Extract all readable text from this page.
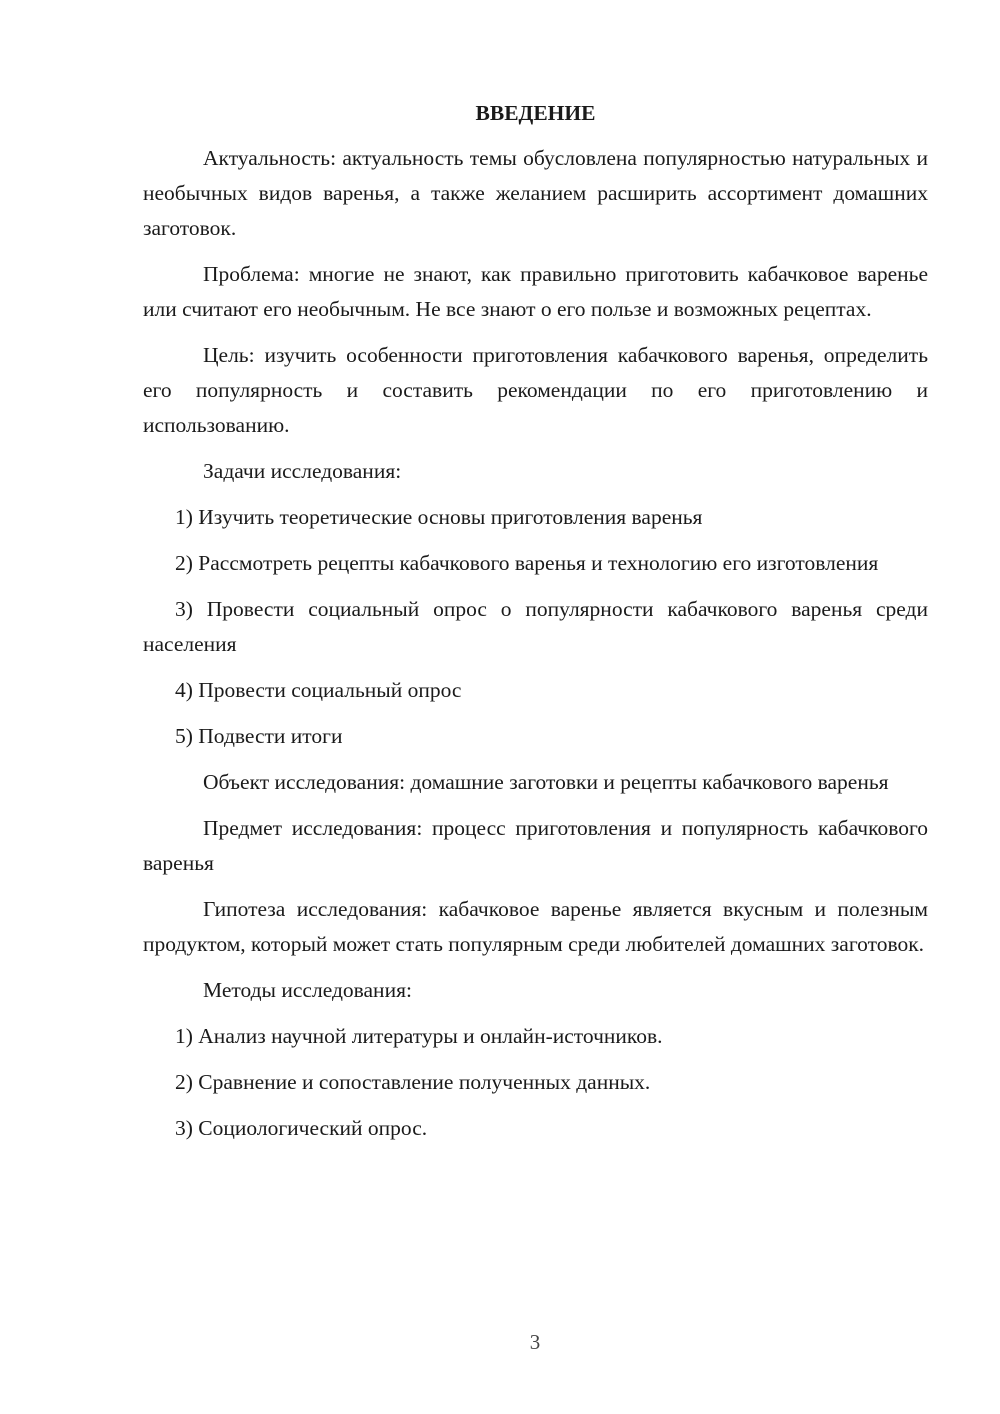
ВВЕДЕНИЕ

Актуальность: актуальность темы обусловлена популярностью натуральных и необычных видов варенья, а также желанием расширить ассортимент домашних заготовок.

Проблема: многие не знают, как правильно приготовить кабачковое варенье или считают его необычным. Не все знают о его пользе и возможных рецептах.

Цель: изучить особенности приготовления кабачкового варенья, определить его популярность и составить рекомендации по его приготовлению и использованию.

Задачи исследования:

1) Изучить теоретические основы приготовления варенья

2) Рассмотреть рецепты кабачкового варенья и технологию его изготовления

3) Провести социальный опрос о популярности кабачкового варенья среди населения

4) Провести социальный опрос

5) Подвести итоги

Объект исследования: домашние заготовки и рецепты кабачкового варенья

Предмет исследования: процесс приготовления и популярность кабачкового варенья

Гипотеза исследования: кабачковое варенье является вкусным и полезным продуктом, который может стать популярным среди любителей домашних заготовок.

Методы исследования:

1) Анализ научной литературы и онлайн-источников.

2) Сравнение и сопоставление полученных данных.

3) Социологический опрос.

3
